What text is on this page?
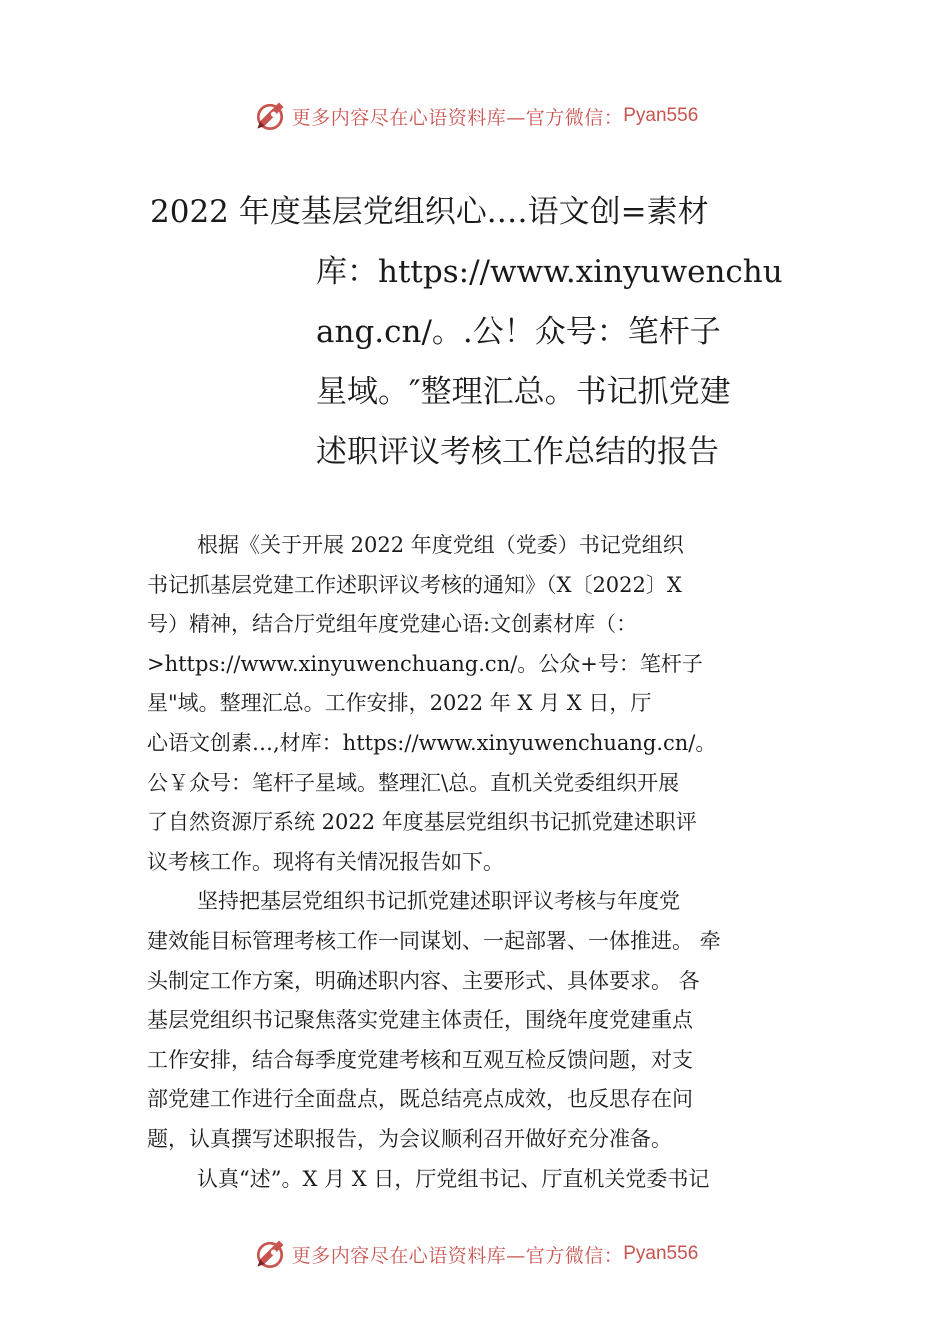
更多内容尽在心语资料库—官方微信： Pyan556
2022 年度基层党组织心.…语文创=素材
库：https://www.xinyuwenchu
ang.cn/。.公！众号：笔杆子
星域。″整理汇总。书记抓党建
述职评议考核工作总结的报告
根据《关于开展 2022 年度党组（党委）书记党组织
书记抓基层党建工作述职评议考核的通知》（X〔2022〕X
号）精神，结合厅党组年度党建心语:文创素材库（：
>https://www.xinyuwenchuang.cn/。公众+号：笔杆子
星"域。整理汇总。工作安排，2022 年 X 月 X 日，厅
心语文创素…,材库：https://www.xinyuwenchuang.cn/。
公￥众号：笔杆子星域。整理汇\总。直机关党委组织开展
了自然资源厅系统 2022 年度基层党组织书记抓党建述职评
议考核工作。现将有关情况报告如下。
坚持把基层党组织书记抓党建述职评议考核与年度党
建效能目标管理考核工作一同谋划、一起部署、一体推进。 牵
头制定工作方案，明确述职内容、主要形式、具体要求。 各
基层党组织书记聚焦落实党建主体责任，围绕年度党建重点
工作安排，结合每季度党建考核和互观互检反馈问题，对支
部党建工作进行全面盘点，既总结亮点成效，也反思存在问
题，认真撰写述职报告，为会议顺利召开做好充分准备。
认真“述”。X 月 X 日，厅党组书记、厅直机关党委书记
更多内容尽在心语资料库—官方微信： Pyan556
